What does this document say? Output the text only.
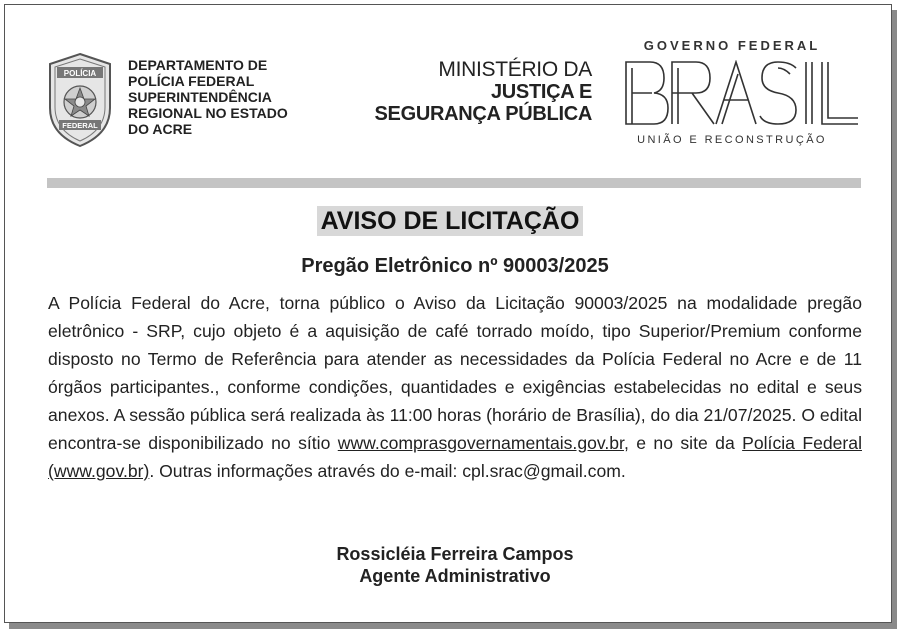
POLÍCIA
FEDERAL
DEPARTAMENTO DE
POLÍCIA FEDERAL
SUPERINTENDÊNCIA
REGIONAL NO ESTADO
DO ACRE
MINISTÉRIO DA
JUSTIÇA E
SEGURANÇA PÚBLICA
GOVERNO FEDERAL
UNIÃO E RECONSTRUÇÃO
AVISO DE LICITAÇÃO
Pregão Eletrônico nº 90003/2025
A Polícia Federal do Acre, torna público o Aviso da Licitação 90003/2025 na modalidade pregão eletrônico - SRP, cujo objeto é a aquisição de café torrado moído, tipo Superior/Premium conforme disposto no Termo de Referência para atender as necessidades da Polícia Federal no Acre e de 11 órgãos participantes., conforme condições, quantidades e exigências estabelecidas no edital e seus anexos. A sessão pública será realizada às 11:00 horas (horário de Brasília), do dia 21/07/2025. O edital encontra-se disponibilizado no sítio www.comprasgovernamentais.gov.br, e no site da Polícia Federal (www.gov.br). Outras informações através do e-mail: cpl.srac@gmail.com.
Rossicléia Ferreira Campos
Agente Administrativo
